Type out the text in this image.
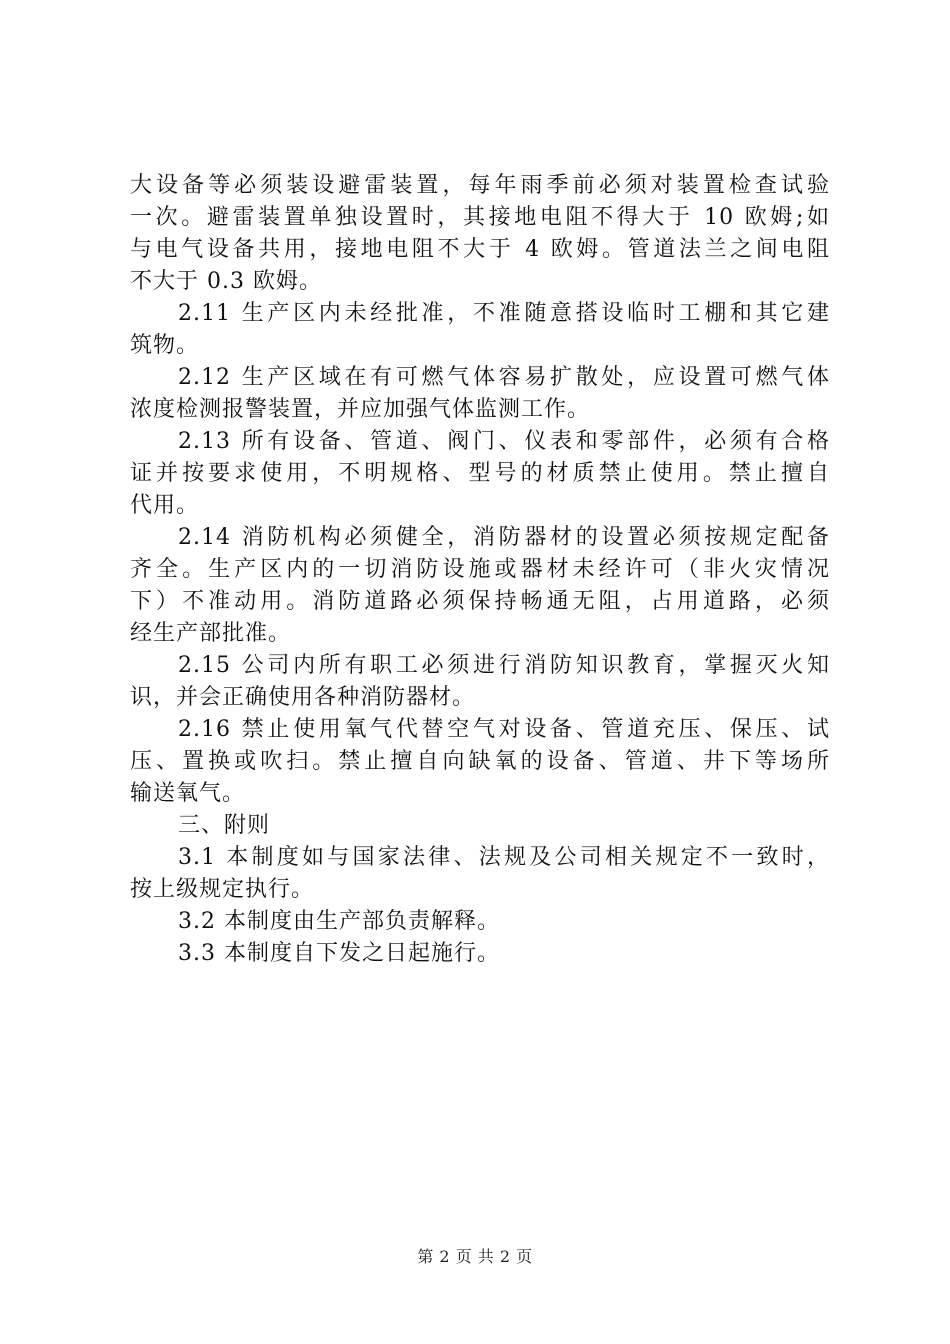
大设备等必须装设避雷装置，每年雨季前必须对装置检查试验
一次。避雷装置单独设置时，其接地电阻不得大于 10 欧姆;如
与电气设备共用，接地电阻不大于 4 欧姆。管道法兰之间电阻
不大于 0.3 欧姆。
2.11 生产区内未经批准，不准随意搭设临时工棚和其它建
筑物。
2.12 生产区域在有可燃气体容易扩散处，应设置可燃气体
浓度检测报警装置，并应加强气体监测工作。
2.13 所有设备、管道、阀门、仪表和零部件，必须有合格
证并按要求使用，不明规格、型号的材质禁止使用。禁止擅自
代用。
2.14 消防机构必须健全，消防器材的设置必须按规定配备
齐全。生产区内的一切消防设施或器材未经许可（非火灾情况
下）不准动用。消防道路必须保持畅通无阻，占用道路，必须
经生产部批准。
2.15 公司内所有职工必须进行消防知识教育，掌握灭火知
识，并会正确使用各种消防器材。
2.16 禁止使用氧气代替空气对设备、管道充压、保压、试
压、置换或吹扫。禁止擅自向缺氧的设备、管道、井下等场所
输送氧气。
三、附则
3.1 本制度如与国家法律、法规及公司相关规定不一致时，
按上级规定执行。
3.2 本制度由生产部负责解释。
3.3 本制度自下发之日起施行。
第 2 页 共 2 页
